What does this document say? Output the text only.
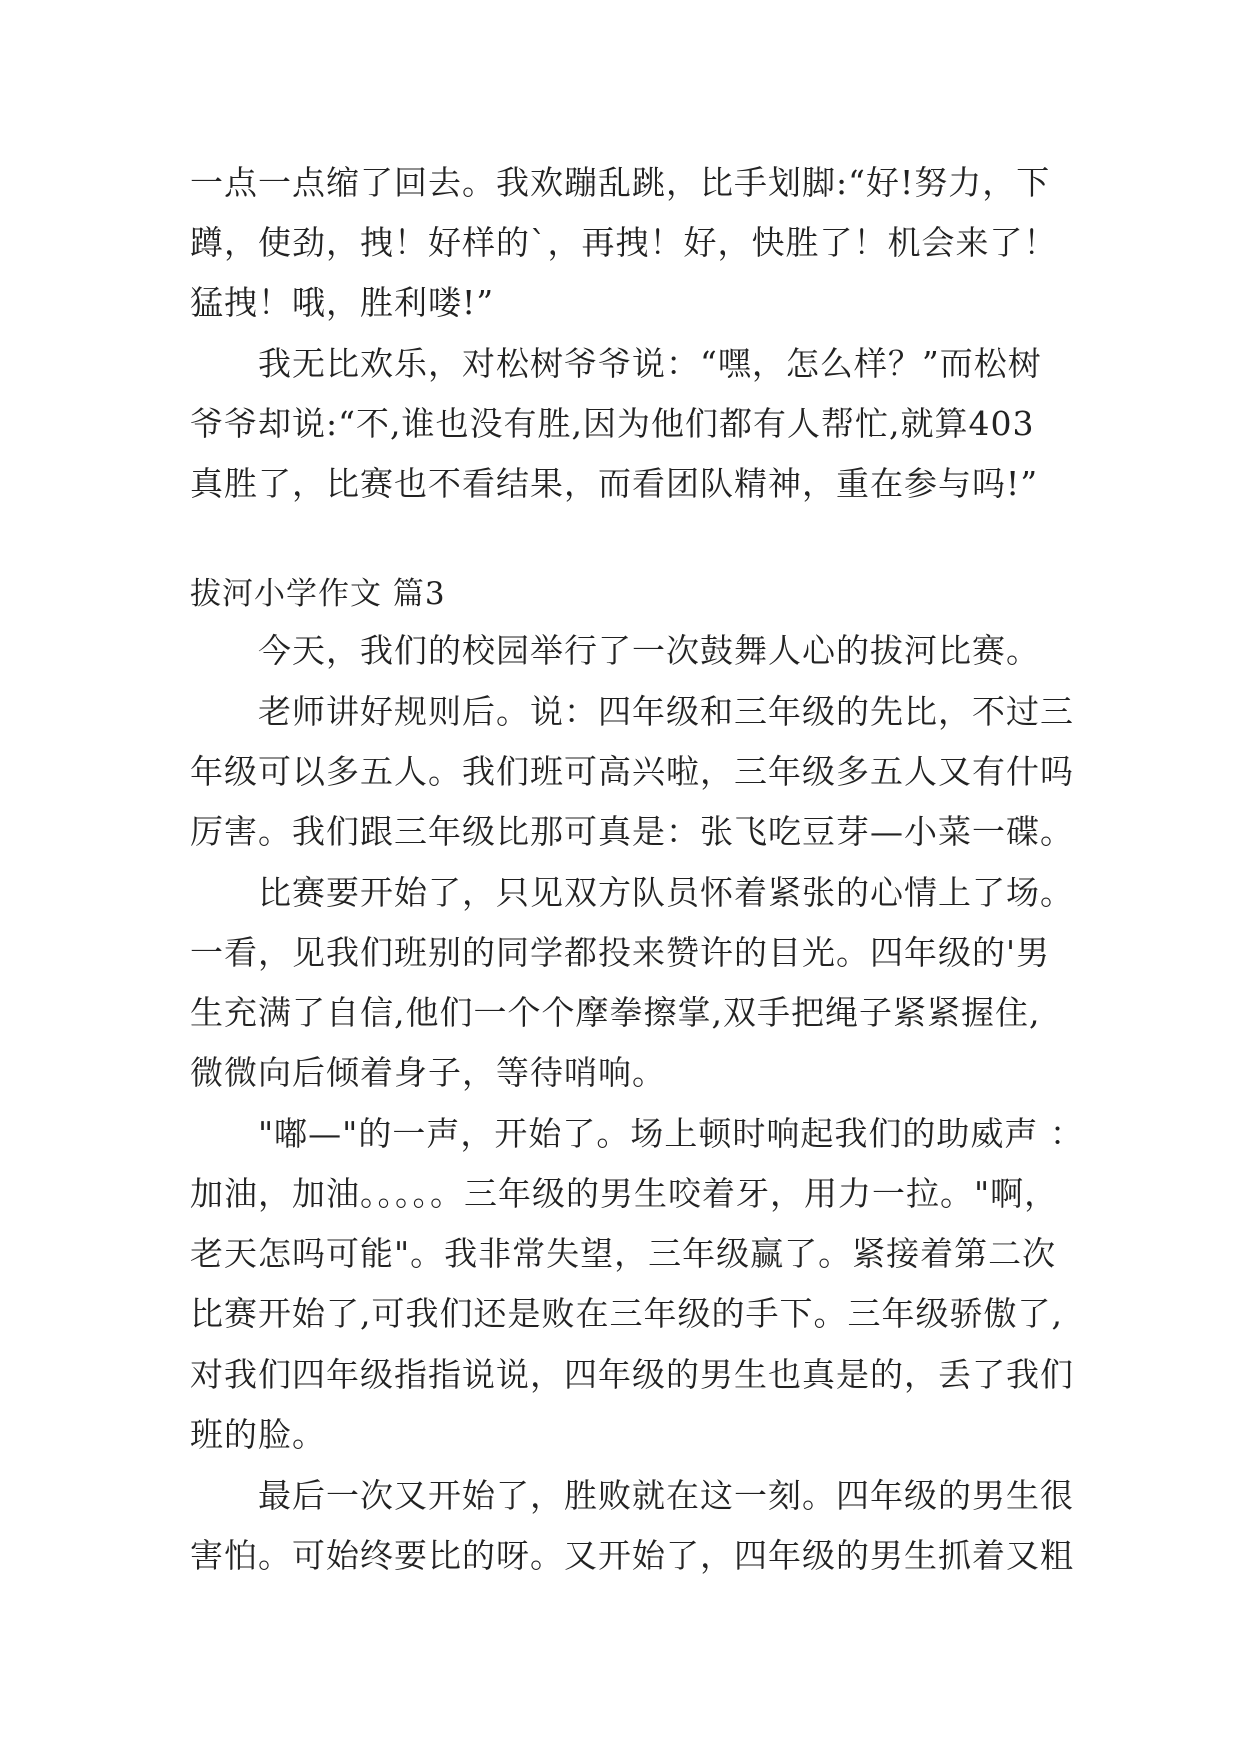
一点一点缩了回去。我欢蹦乱跳，比手划脚:“好!努力，下
蹲，使劲，拽！好样的`，再拽！好，快胜了！机会来了！
猛拽！哦，胜利喽!”
　　我无比欢乐，对松树爷爷说：“嘿，怎么样？”而松树
爷爷却说:“不,谁也没有胜,因为他们都有人帮忙,就算403
真胜了，比赛也不看结果，而看团队精神，重在参与吗!”
拔河小学作文 篇3
　　今天，我们的校园举行了一次鼓舞人心的拔河比赛。
　　老师讲好规则后。说：四年级和三年级的先比，不过三
年级可以多五人。我们班可高兴啦，三年级多五人又有什吗
厉害。我们跟三年级比那可真是：张飞吃豆芽—小菜一碟。
　　比赛要开始了，只见双方队员怀着紧张的心情上了场。
一看，见我们班别的同学都投来赞许的目光。四年级的'男
生充满了自信,他们一个个摩拳擦掌,双手把绳子紧紧握住,
微微向后倾着身子，等待哨响。
　　"嘟—"的一声，开始了。场上顿时响起我们的助威声 ：
加油，加油。。。。。三年级的男生咬着牙，用力一拉。"啊，
老天怎吗可能"。我非常失望，三年级赢了。紧接着第二次
比赛开始了,可我们还是败在三年级的手下。三年级骄傲了,
对我们四年级指指说说，四年级的男生也真是的，丢了我们
班的脸。
　　最后一次又开始了，胜败就在这一刻。四年级的男生很
害怕。可始终要比的呀。又开始了，四年级的男生抓着又粗
